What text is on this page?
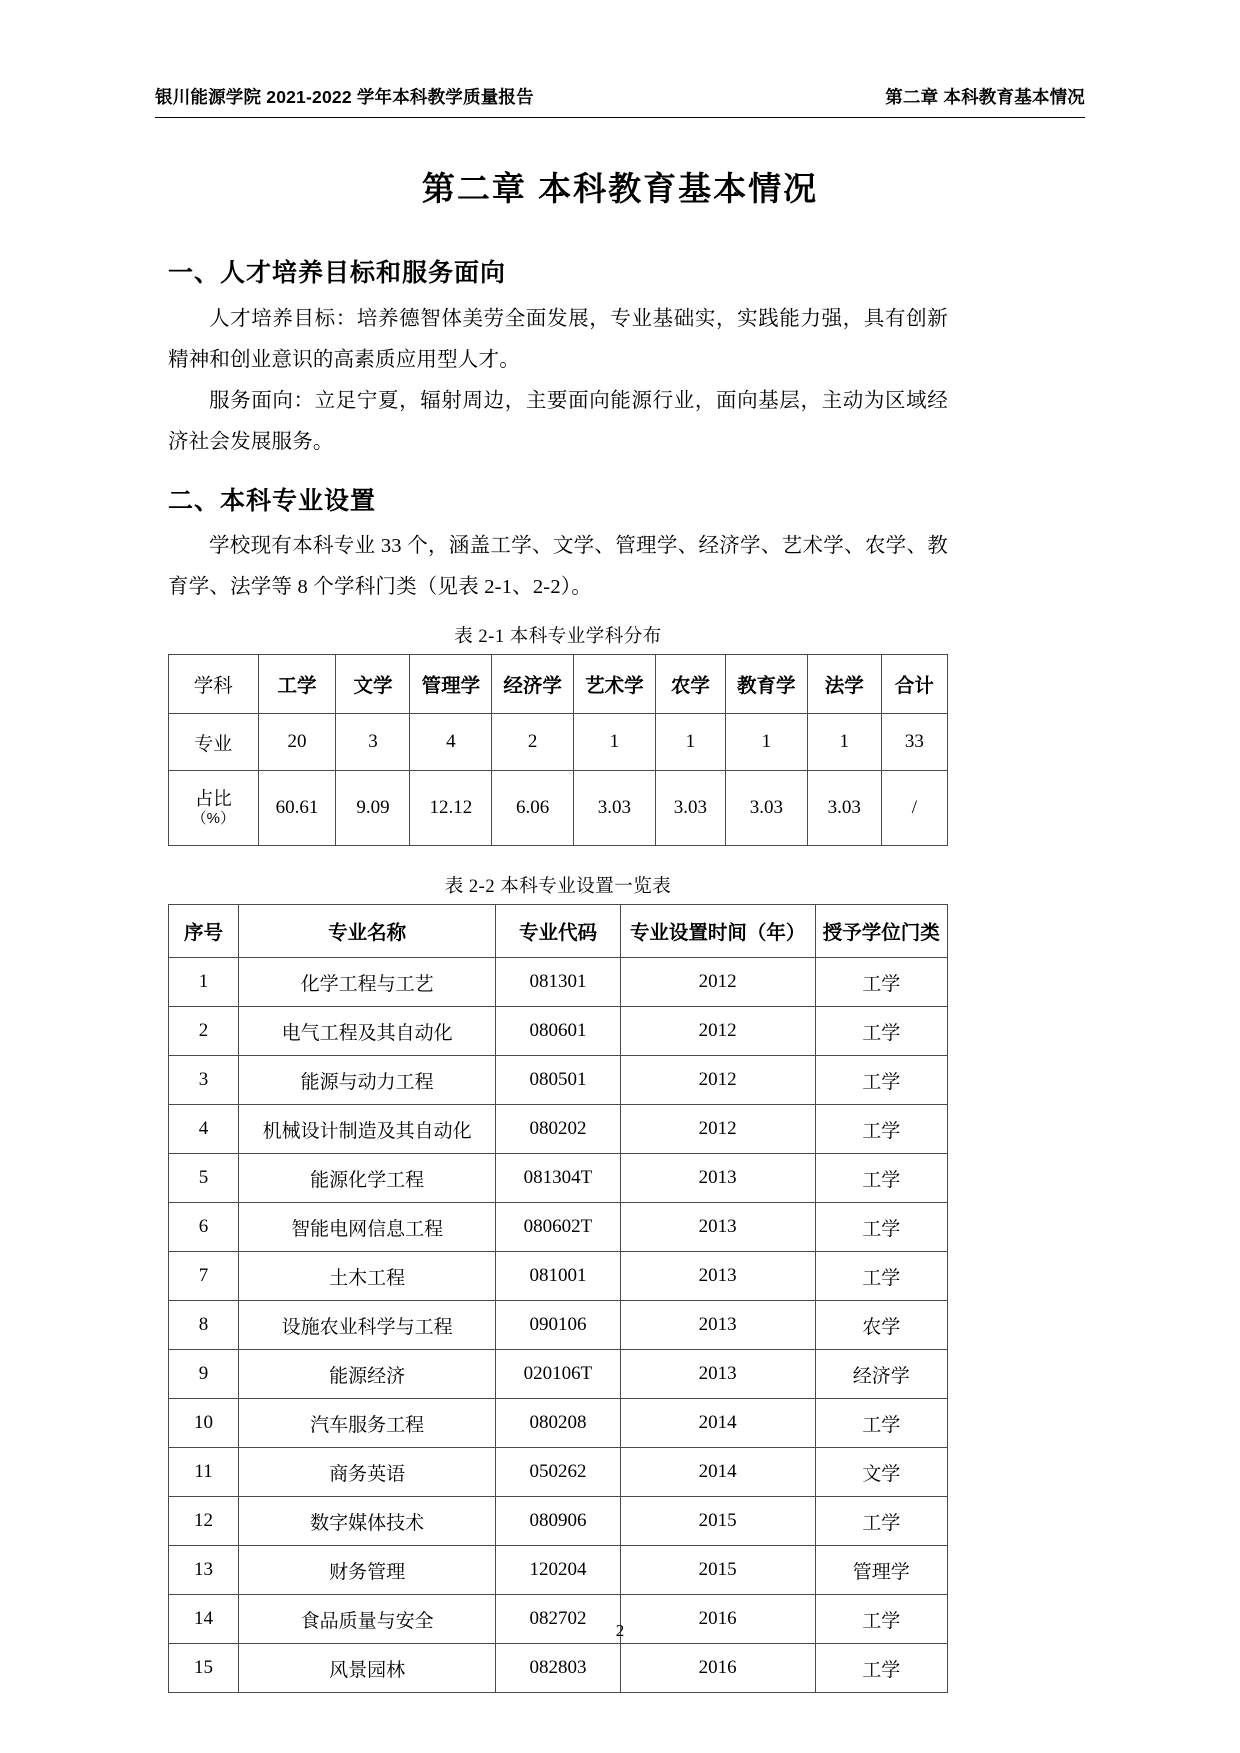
银川能源学院 2021-2022 学年本科教学质量报告	第二章 本科教育基本情况
第二章 本科教育基本情况
一、人才培养目标和服务面向

人才培养目标：培养德智体美劳全面发展，专业基础实，实践能力强，具有创新精神和创业意识的高素质应用型人才。

服务面向：立足宁夏，辐射周边，主要面向能源行业，面向基层，主动为区域经济社会发展服务。

二、本科专业设置

学校现有本科专业 33 个，涵盖工学、文学、管理学、经济学、艺术学、农学、教育学、法学等 8 个学科门类（见表 2-1、2-2）。

表 2-1 本科专业学科分布
学科	工学	文学	管理学	经济学	艺术学	农学	教育学	法学	合计
专业	20	3	4	2	1	1	1	1	33

占比
（%）	60.61	9.09	12.12	6.06	3.03	3.03	3.03	3.03	/
表 2-2 本科专业设置一览表
序号	专业名称	专业代码	专业设置时间（年）	授予学位门类
1	化学工程与工艺	081301	2012	工学
2	电气工程及其自动化	080601	2012	工学
3	能源与动力工程	080501	2012	工学
4	机械设计制造及其自动化	080202	2012	工学
5	能源化学工程	081304T	2013	工学
6	智能电网信息工程	080602T	2013	工学
7	土木工程	081001	2013	工学
8	设施农业科学与工程	090106	2013	农学
9	能源经济	020106T	2013	经济学
10	汽车服务工程	080208	2014	工学
11	商务英语	050262	2014	文学
12	数字媒体技术	080906	2015	工学
13	财务管理	120204	2015	管理学
14	食品质量与安全	082702	2016	工学
15	风景园林	082803	2016	工学
2
